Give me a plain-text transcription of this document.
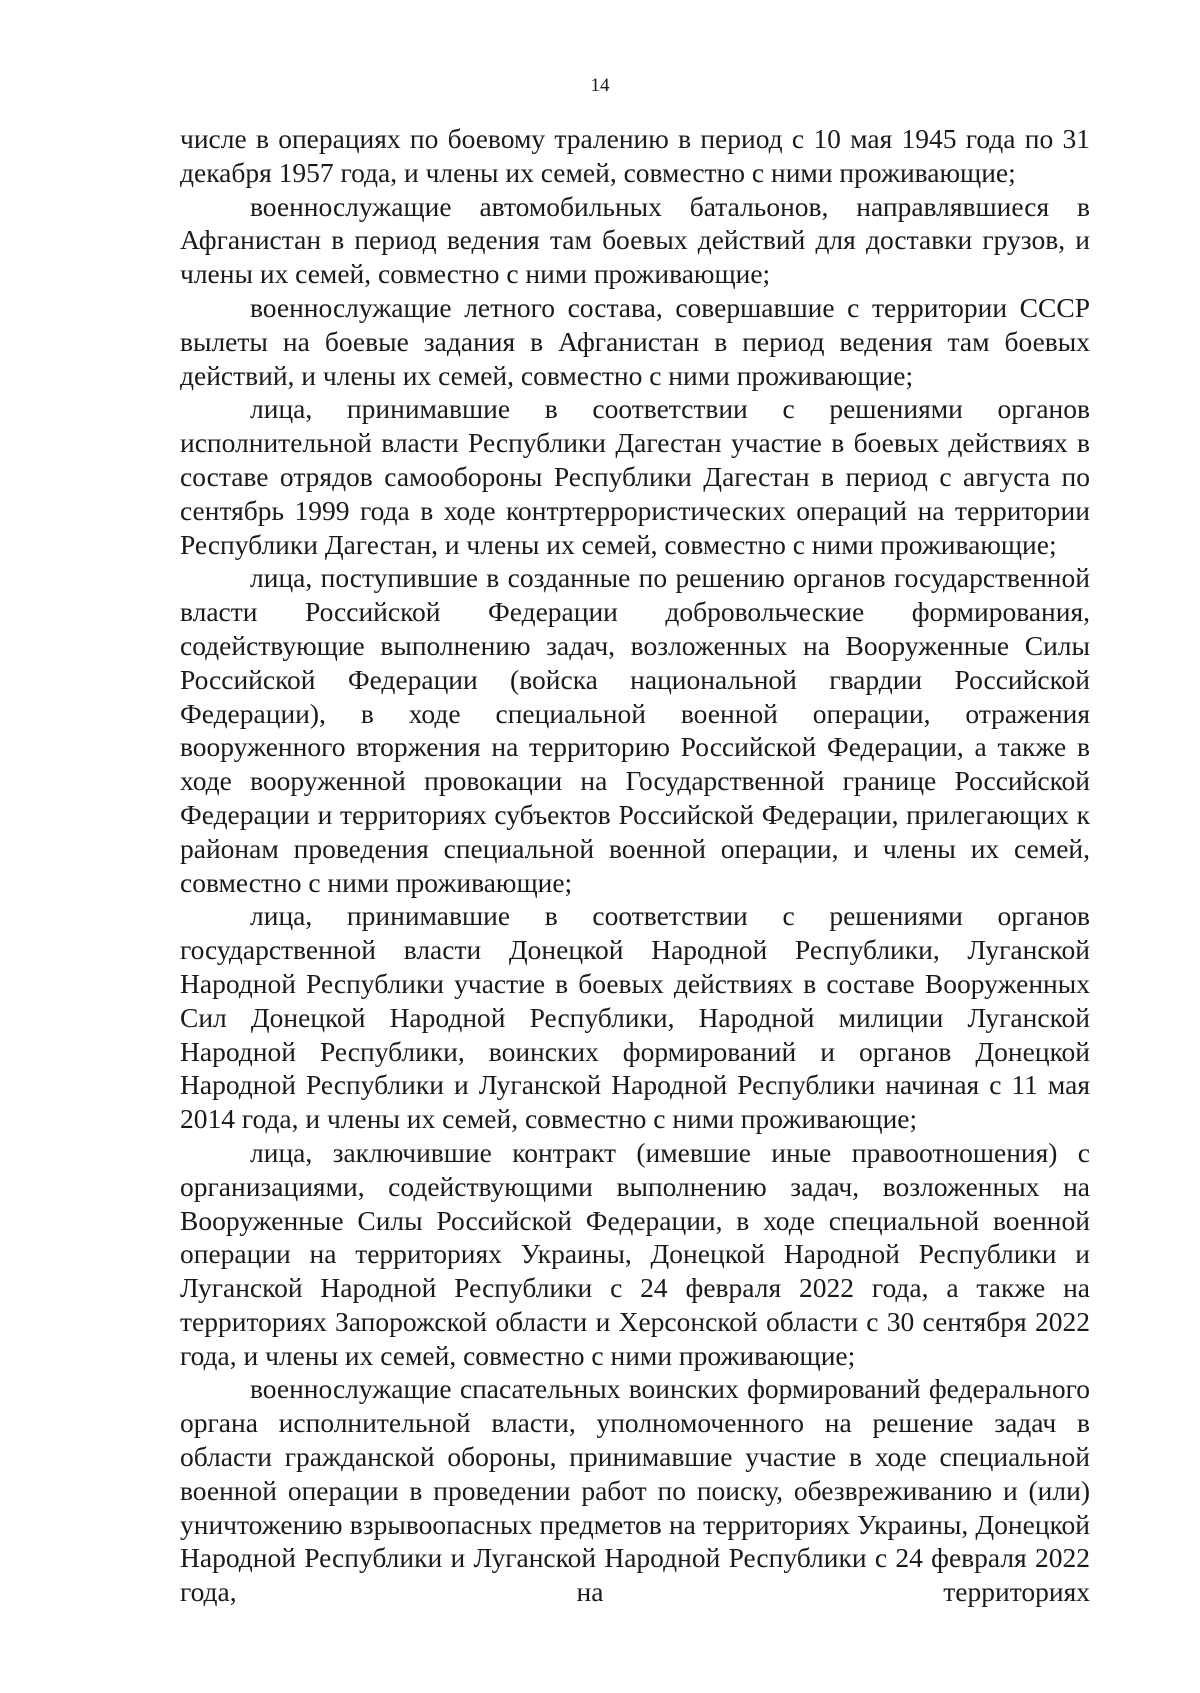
14

числе в операциях по боевому тралению в период с 10 мая 1945 года по 31 декабря 1957 года, и члены их семей, совместно с ними проживающие;

военнослужащие автомобильных батальонов, направлявшиеся в Афганистан в период ведения там боевых действий для доставки грузов, и члены их семей, совместно с ними проживающие;

военнослужащие летного состава, совершавшие с территории СССР вылеты на боевые задания в Афганистан в период ведения там боевых действий, и члены их семей, совместно с ними проживающие;

лица, принимавшие в соответствии с решениями органов исполнительной власти Республики Дагестан участие в боевых действиях в составе отрядов самообороны Республики Дагестан в период с августа по сентябрь 1999 года в ходе контртеррористических операций на территории Республики Дагестан, и члены их семей, совместно с ними проживающие;

лица, поступившие в созданные по решению органов государственной власти Российской Федерации добровольческие формирования, содействующие выполнению задач, возложенных на Вооруженные Силы Российской Федерации (войска национальной гвардии Российской Федерации), в ходе специальной военной операции, отражения вооруженного вторжения на территорию Российской Федерации, а также в ходе вооруженной провокации на Государственной границе Российской Федерации и территориях субъектов Российской Федерации, прилегающих к районам проведения специальной военной операции, и члены их семей, совместно с ними проживающие;

лица, принимавшие в соответствии с решениями органов государственной власти Донецкой Народной Республики, Луганской Народной Республики участие в боевых действиях в составе Вооруженных Сил Донецкой Народной Республики, Народной милиции Луганской Народной Республики, воинских формирований и органов Донецкой Народной Республики и Луганской Народной Республики начиная с 11 мая 2014 года, и члены их семей, совместно с ними проживающие;

лица, заключившие контракт (имевшие иные правоотношения) с организациями, содействующими выполнению задач, возложенных на Вооруженные Силы Российской Федерации, в ходе специальной военной операции на территориях Украины, Донецкой Народной Республики и Луганской Народной Республики с 24 февраля 2022 года, а также на территориях Запорожской области и Херсонской области с 30 сентября 2022 года, и члены их семей, совместно с ними проживающие;

военнослужащие спасательных воинских формирований федерального органа исполнительной власти, уполномоченного на решение задач в области гражданской обороны, принимавшие участие в ходе специальной военной операции в проведении работ по поиску, обезвреживанию и (или) уничтожению взрывоопасных предметов на территориях Украины, Донецкой Народной Республики и Луганской Народной Республики с 24 февраля 2022 года, на территориях
